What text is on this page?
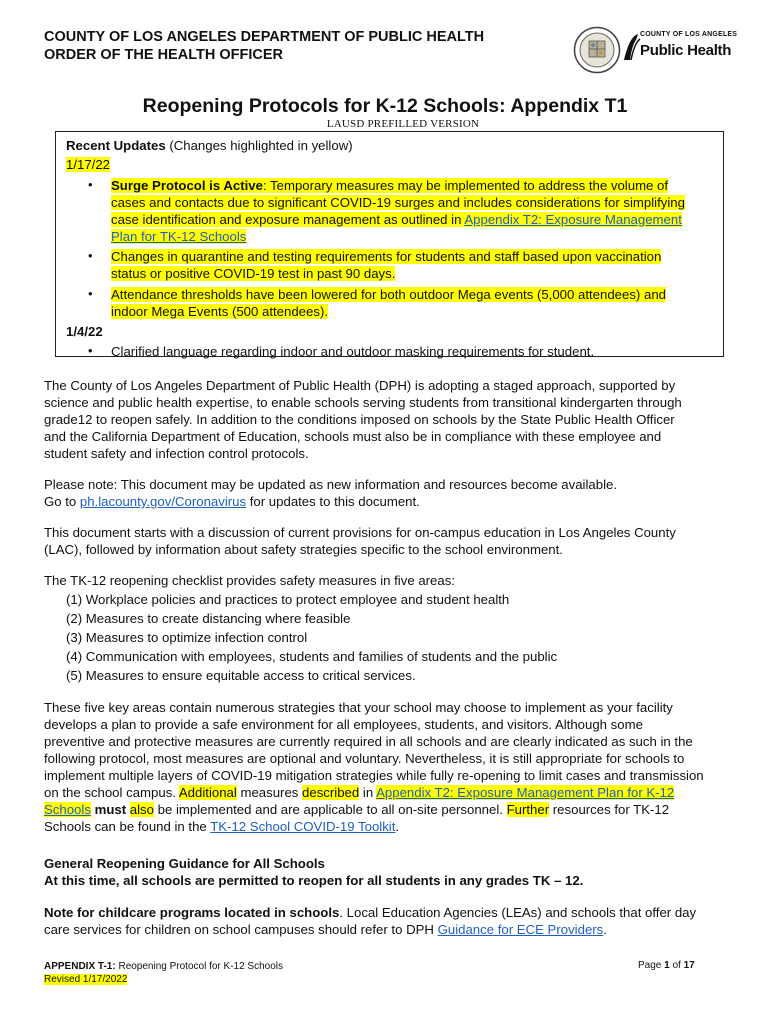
COUNTY OF LOS ANGELES DEPARTMENT OF PUBLIC HEALTH
ORDER OF THE HEALTH OFFICER
COUNTY OF LOS ANGELES
Public Health
Reopening Protocols for K-12 Schools: Appendix T1
LAUSD PREFILLED VERSION
Recent Updates (Changes highlighted in yellow)
1/17/22
• Surge Protocol is Active: Temporary measures may be implemented to address the volume of
cases and contacts due to significant COVID-19 surges and includes considerations for simplifying
case identification and exposure management as outlined in Appendix T2: Exposure Management
Plan for TK-12 Schools
• Changes in quarantine and testing requirements for students and staff based upon vaccination
status or positive COVID-19 test in past 90 days.
• Attendance thresholds have been lowered for both outdoor Mega events (5,000 attendees) and
indoor Mega Events (500 attendees).
1/4/22
• Clarified language regarding indoor and outdoor masking requirements for student.
The County of Los Angeles Department of Public Health (DPH) is adopting a staged approach, supported by
science and public health expertise, to enable schools serving students from transitional kindergarten through
grade12 to reopen safely. In addition to the conditions imposed on schools by the State Public Health Officer
and the California Department of Education, schools must also be in compliance with these employee and
student safety and infection control protocols.
Please note: This document may be updated as new information and resources become available.
Go to ph.lacounty.gov/Coronavirus for updates to this document.
This document starts with a discussion of current provisions for on-campus education in Los Angeles County
(LAC), followed by information about safety strategies specific to the school environment.
The TK-12 reopening checklist provides safety measures in five areas:
(1) Workplace policies and practices to protect employee and student health
(2) Measures to create distancing where feasible
(3) Measures to optimize infection control
(4) Communication with employees, students and families of students and the public
(5) Measures to ensure equitable access to critical services.
These five key areas contain numerous strategies that your school may choose to implement as your facility
develops a plan to provide a safe environment for all employees, students, and visitors. Although some
preventive and protective measures are currently required in all schools and are clearly indicated as such in the
following protocol, most measures are optional and voluntary. Nevertheless, it is still appropriate for schools to
implement multiple layers of COVID-19 mitigation strategies while fully re-opening to limit cases and transmission
on the school campus. Additional measures described in Appendix T2: Exposure Management Plan for K-12
Schools must also be implemented and are applicable to all on-site personnel. Further resources for TK-12
Schools can be found in the TK-12 School COVID-19 Toolkit.
General Reopening Guidance for All Schools
At this time, all schools are permitted to reopen for all students in any grades TK – 12.
Note for childcare programs located in schools. Local Education Agencies (LEAs) and schools that offer day
care services for children on school campuses should refer to DPH Guidance for ECE Providers.
APPENDIX T-1: Reopening Protocol for K-12 Schools
Revised 1/17/2022
Page 1 of 17
